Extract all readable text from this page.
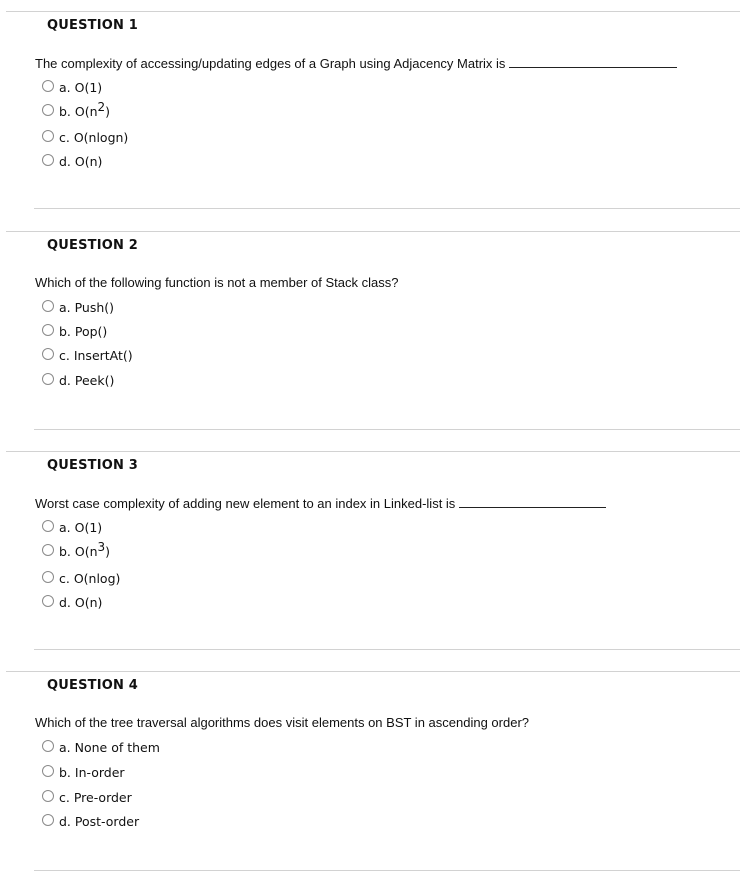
QUESTION 1
The complexity of accessing/updating edges of a Graph using Adjacency Matrix is
a. O(1)
b. $O(n^2)$
c. O(nlogn)
d. O(n)
QUESTION 2
Which of the following function is not a member of Stack class?
a. Push()
b. Pop()
c. InsertAt()
d. Peek()
QUESTION 3
Worst case complexity of adding new element to an index in Linked-list is
a. O(1)
b. $O(n^3)$
c. O(nlog)
d. O(n)
QUESTION 4
Which of the tree traversal algorithms does visit elements on BST in ascending order?
a. None of them
b. In-order
c. Pre-order
d. Post-order
